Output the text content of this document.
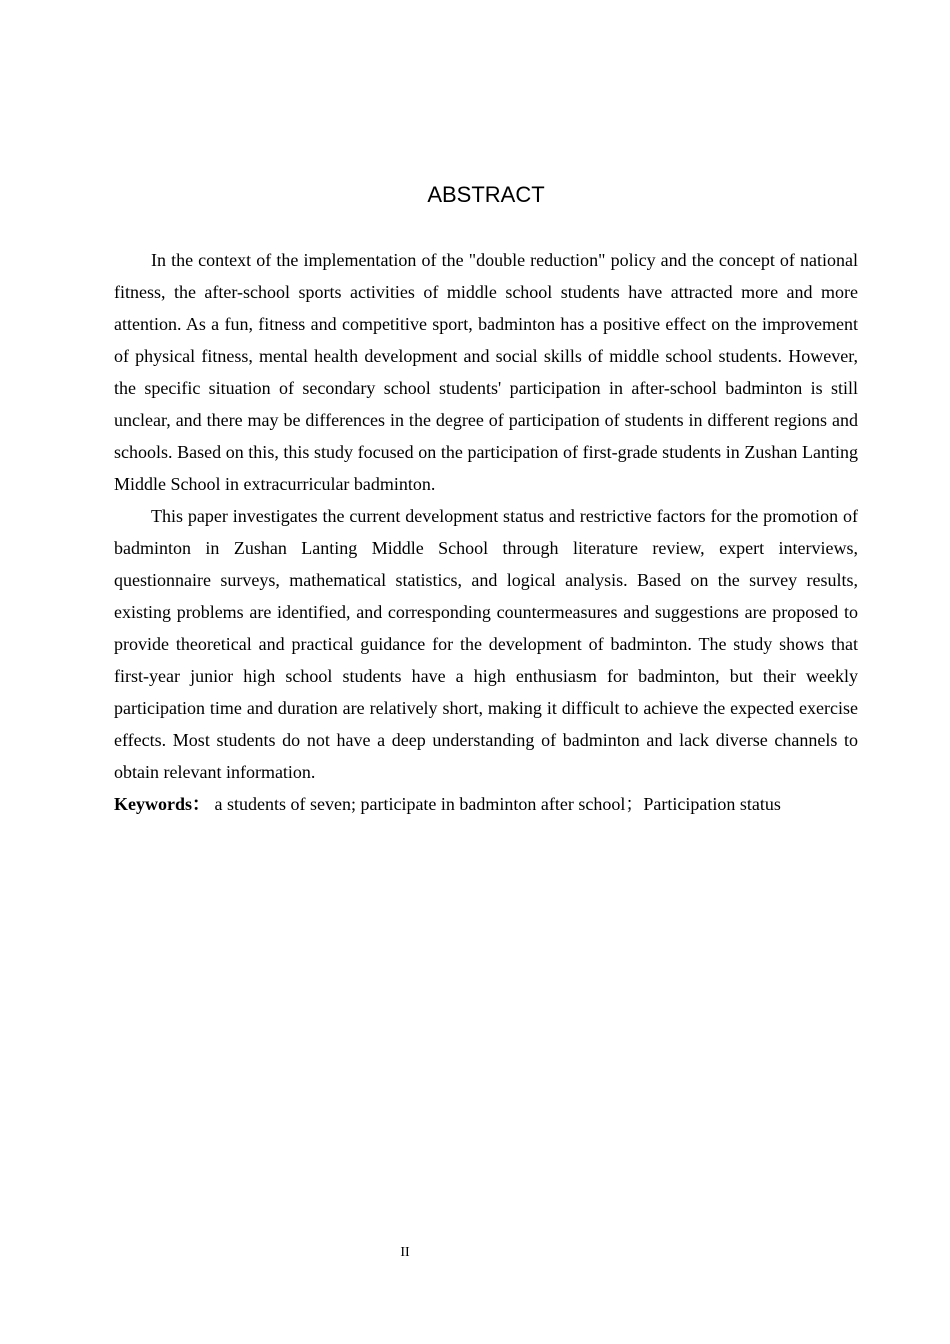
ABSTRACT

In the context of the implementation of the "double reduction" policy and the concept of national fitness, the after-school sports activities of middle school students have attracted more and more attention. As a fun, fitness and competitive sport, badminton has a positive effect on the improvement of physical fitness, mental health development and social skills of middle school students. However, the specific situation of secondary school students' participation in after-school badminton is still unclear, and there may be differences in the degree of participation of students in different regions and schools. Based on this, this study focused on the participation of first-grade students in Zushan Lanting Middle School in extracurricular badminton.

This paper investigates the current development status and restrictive factors for the promotion of badminton in Zushan Lanting Middle School through literature review, expert interviews, questionnaire surveys, mathematical statistics, and logical analysis. Based on the survey results, existing problems are identified, and corresponding countermeasures and suggestions are proposed to provide theoretical and practical guidance for the development of badminton. The study shows that first-year junior high school students have a high enthusiasm for badminton, but their weekly participation time and duration are relatively short, making it difficult to achieve the expected exercise effects. Most students do not have a deep understanding of badminton and lack diverse channels to obtain relevant information.

Keywords： a students of seven; participate in badminton after school；Participation status

II
